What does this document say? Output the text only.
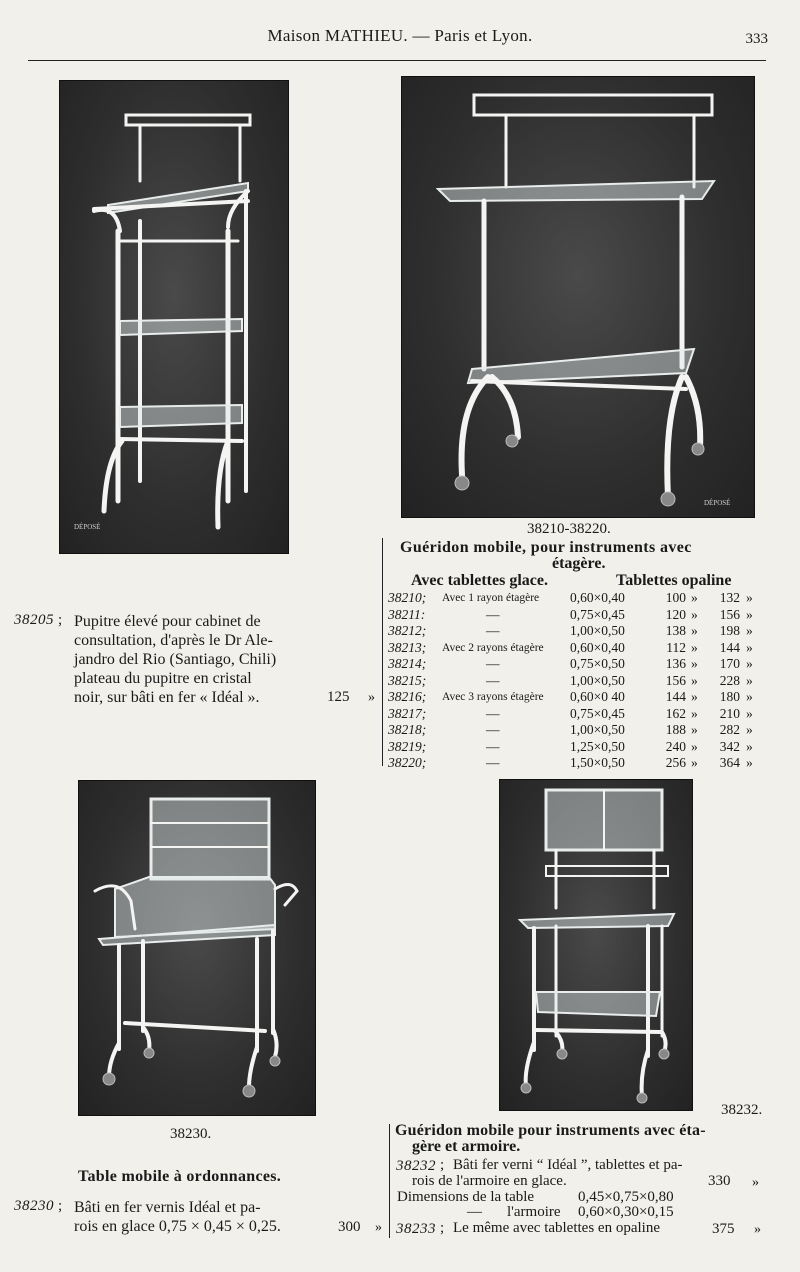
Maison MATHIEU. — Paris et Lyon.	333
DÉPOSÉ
DÉPOSÉ
38205 ; Pupitre élevé pour cabinet de
consultation, d'après le Dr Ale-
jandro del Rio (Santiago, Chili)
plateau du pupitre en cristal
noir, sur bâti en fer « Idéal ».	125 »
38210-38220.
Guéridon mobile, pour instruments avec
étagère.
Avec tablettes glace.	Tablettes opaline
38210; Avec 1 rayon étagère 0,60×0,40	100 »	132 »
38211:	—	0,75×0,45	120 »	156 »
38212;	—	1,00×0,50	138 »	198 »
38213; Avec 2 rayons étagère 0,60×0,40	112 »	144 »
38214;	—	0,75×0,50	136 »	170 »
38215;	—	1,00×0,50	156 »	228 »
38216; Avec 3 rayons étagère 0,60×0 40	144 »	180 »
38217;	—	0,75×0,45	162 »	210 »
38218;	—	1,00×0,50	188 »	282 »
38219;	—	1,25×0,50	240 »	342 »
38220;	—	1,50×0,50	256 »	364 »
38230.
Table mobile à ordonnances.
38230 ; Bâti en fer vernis Idéal et pa-
rois en glace 0,75 × 0,45 × 0,25.	300 »
38232.
Guéridon mobile pour instruments avec éta-
gère et armoire.
38232 ; Bâti fer verni “ Idéal ”, tablettes et pa-
rois de l'armoire en glace.	330 »
Dimensions de la table	0,45×0,75×0,80
— l'armoire 0,60×0,30×0,15
38233 ; Le même avec tablettes en opaline	375 »
